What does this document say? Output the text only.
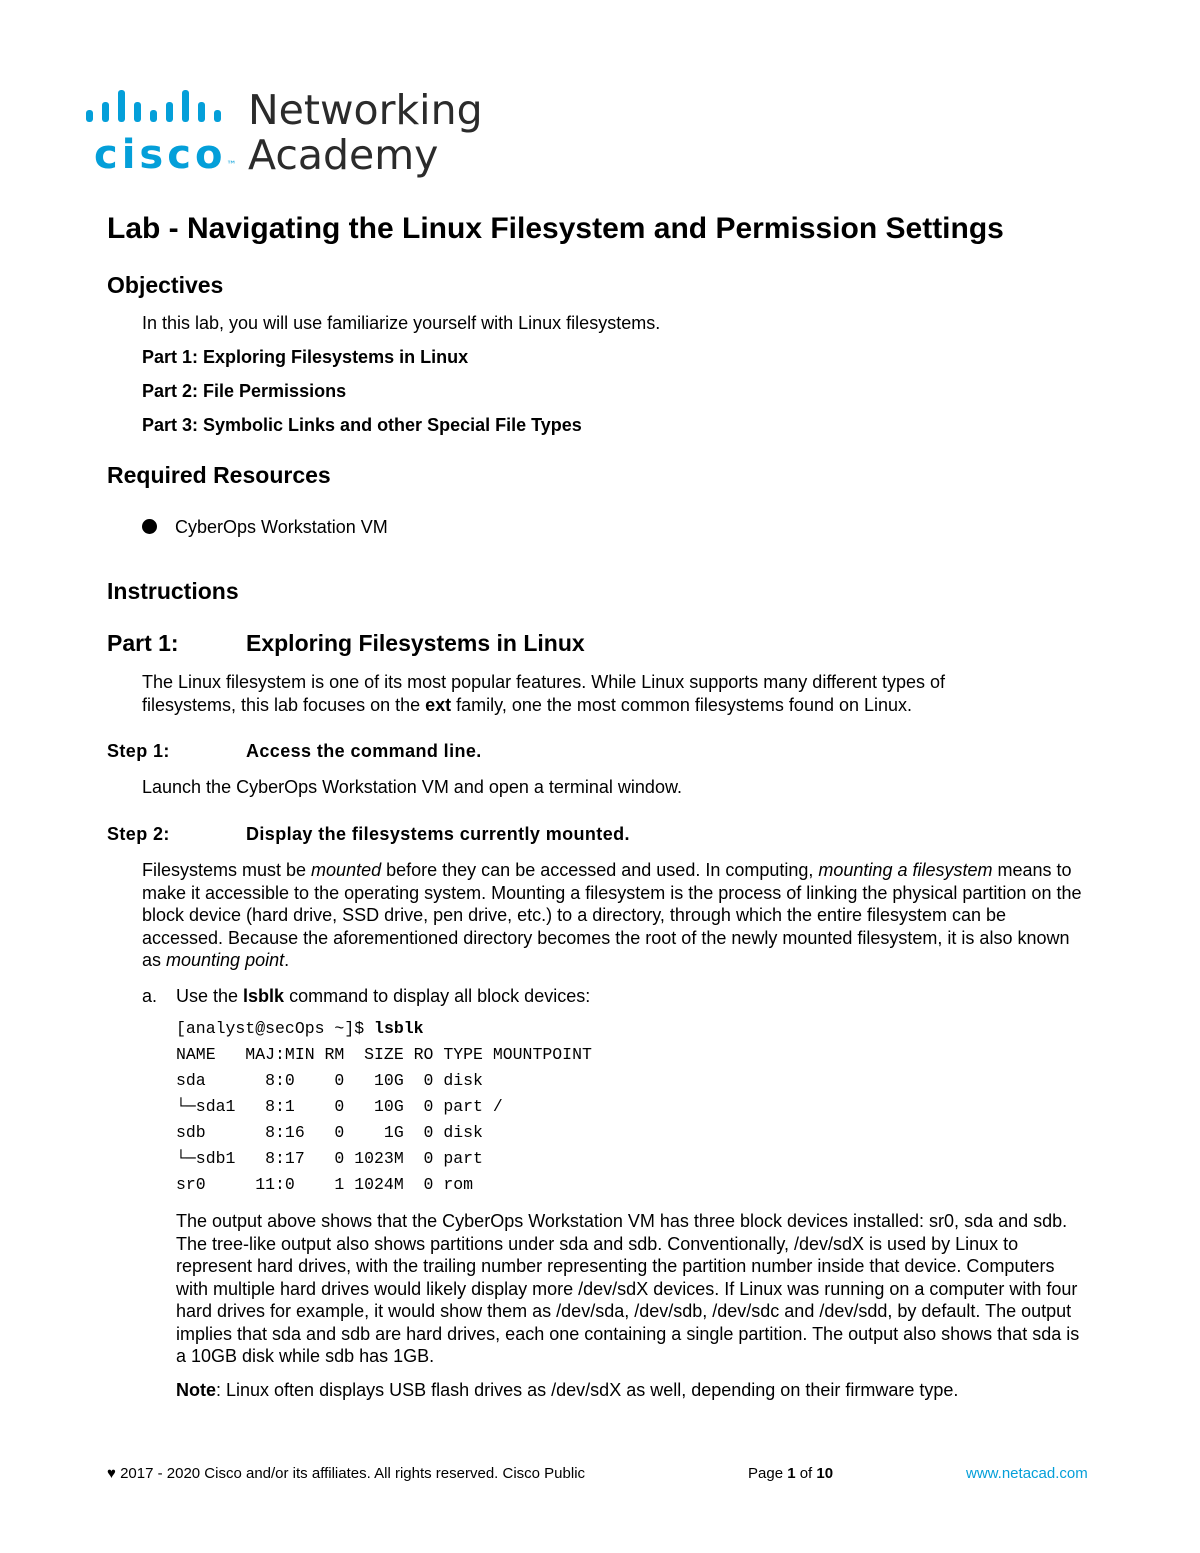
cisco™
Networking
Academy
Lab - Navigating the Linux Filesystem and Permission Settings
Objectives

In this lab, you will use familiarize yourself with Linux filesystems.

Part 1: Exploring Filesystems in Linux

Part 2: File Permissions

Part 3: Symbolic Links and other Special File Types

Required Resources
CyberOps Workstation VM
Instructions
Part 1:	Exploring Filesystems in Linux

The Linux filesystem is one of its most popular features. While Linux supports many different types of filesystems, this lab focuses on the ext family, one the most common filesystems found on Linux.

Step 1:	Access the command line.

Launch the CyberOps Workstation VM and open a terminal window.

Step 2:	Display the filesystems currently mounted.

Filesystems must be mounted before they can be accessed and used. In computing, mounting a filesystem means to make it accessible to the operating system. Mounting a filesystem is the process of linking the physical partition on the block device (hard drive, SSD drive, pen drive, etc.) to a directory, through which the entire filesystem can be accessed. Because the aforementioned directory becomes the root of the newly mounted filesystem, it is also known as mounting point.

a. Use the lsblk command to display all block devices:

[analyst@secOps ~]$ lsblk

NAME   MAJ:MIN RM  SIZE RO TYPE MOUNTPOINT

sda      8:0    0   10G  0 disk

└─sda1   8:1    0   10G  0 part /

sdb      8:16   0    1G  0 disk

└─sdb1   8:17   0 1023M  0 part

sr0     11:0    1 1024M  0 rom

The output above shows that the CyberOps Workstation VM has three block devices installed: sr0, sda and sdb. The tree-like output also shows partitions under sda and sdb. Conventionally, /dev/sdX is used by Linux to represent hard drives, with the trailing number representing the partition number inside that device. Computers with multiple hard drives would likely display more /dev/sdX devices. If Linux was running on a computer with four hard drives for example, it would show them as /dev/sda, /dev/sdb, /dev/sdc and /dev/sdd, by default. The output implies that sda and sdb are hard drives, each one containing a single partition. The output also shows that sda is a 10GB disk while sdb has 1GB.

Note: Linux often displays USB flash drives as /dev/sdX as well, depending on their firmware type.

♥ 2017 - 2020 Cisco and/or its affiliates. All rights reserved. Cisco Public	Page 1 of 10	www.netacad.com
